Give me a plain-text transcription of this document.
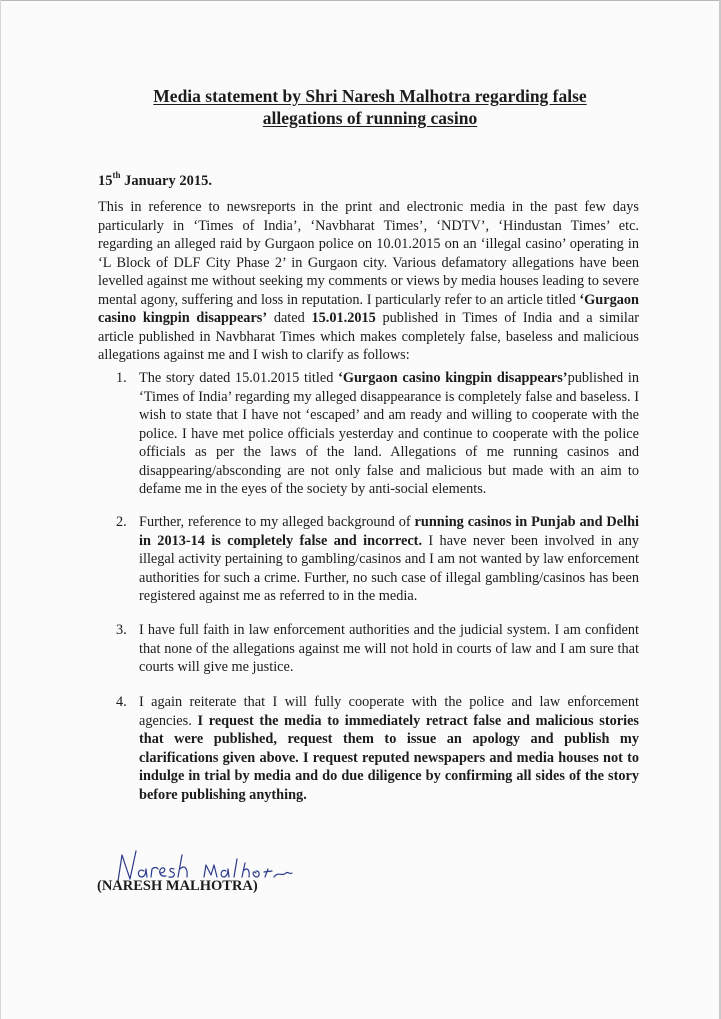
Media statement by Shri Naresh Malhotra regarding false
allegations of running casino
15th January 2015.
This in reference to newsreports in the print and electronic media in the past few days particularly in ‘Times of India’, ‘Navbharat Times’, ‘NDTV’, ‘Hindustan Times’ etc. regarding an alleged raid by Gurgaon police on 10.01.2015 on an ‘illegal casino’ operating in ‘L Block of DLF City Phase 2’ in Gurgaon city. Various defamatory allegations have been levelled against me without seeking my comments or views by media houses leading to severe mental agony, suffering and loss in reputation. I particularly refer to an article titled ‘Gurgaon casino kingpin disappears’ dated 15.01.2015 published in Times of India and a similar article published in Navbharat Times which makes completely false, baseless and malicious allegations against me and I wish to clarify as follows:
1. The story dated 15.01.2015 titled ‘Gurgaon casino kingpin disappears’published in ‘Times of India’ regarding my alleged disappearance is completely false and baseless. I wish to state that I have not ‘escaped’ and am ready and willing to cooperate with the police. I have met police officials yesterday and continue to cooperate with the police officials as per the laws of the land. Allegations of me running casinos and disappearing/absconding are not only false and malicious but made with an aim to defame me in the eyes of the society by anti-social elements.
2. Further, reference to my alleged background of running casinos in Punjab and Delhi in 2013-14 is completely false and incorrect. I have never been involved in any illegal activity pertaining to gambling/casinos and I am not wanted by law enforcement authorities for such a crime. Further, no such case of illegal gambling/casinos has been registered against me as referred to in the media.
3. I have full faith in law enforcement authorities and the judicial system. I am confident that none of the allegations against me will not hold in courts of law and I am sure that courts will give me justice.
4. I again reiterate that I will fully cooperate with the police and law enforcement agencies. I request the media to immediately retract false and malicious stories that were published, request them to issue an apology and publish my clarifications given above. I request reputed newspapers and media houses not to indulge in trial by media and do due diligence by confirming all sides of the story before publishing anything.
(NARESH MALHOTRA)
